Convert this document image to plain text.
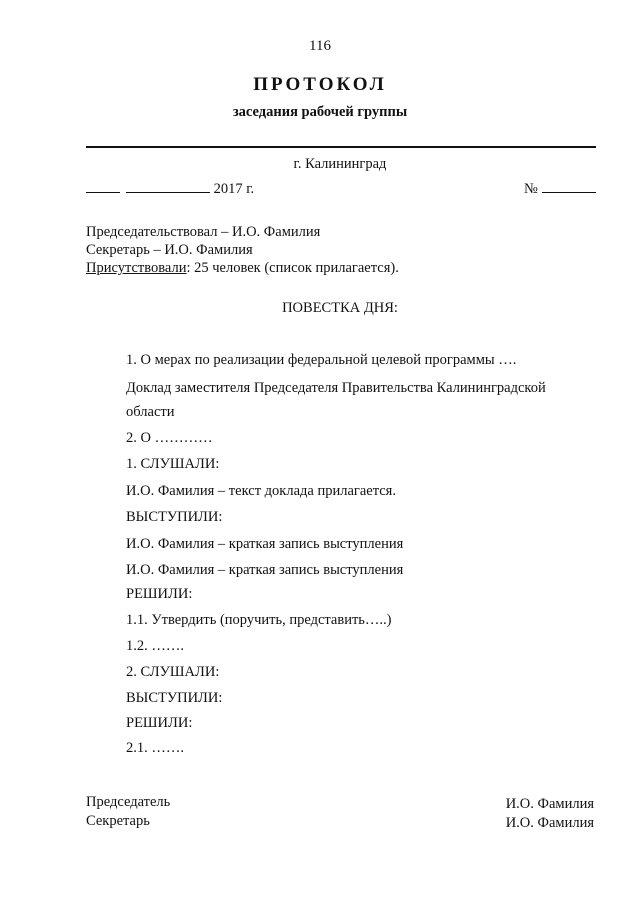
116
ПРОТОКОЛ
заседания рабочей группы
г. Калининград
2017 г.	№
Председательствовал – И.О. Фамилия
Секретарь – И.О. Фамилия
Присутствовали: 25 человек (список прилагается).
ПОВЕСТКА ДНЯ:
1. О мерах по реализации федеральной целевой программы ….
Доклад заместителя Председателя Правительства Калининградской
области
2. О …………
1. СЛУШАЛИ:
И.О. Фамилия – текст доклада прилагается.
ВЫСТУПИЛИ:
И.О. Фамилия – краткая запись выступления
И.О. Фамилия – краткая запись выступления
РЕШИЛИ:
1.1. Утвердить (поручить, представить…..)
1.2. …….
2. СЛУШАЛИ:
ВЫСТУПИЛИ:
РЕШИЛИ:
2.1. …….
Председатель
Секретарь
И.О. Фамилия
И.О. Фамилия
